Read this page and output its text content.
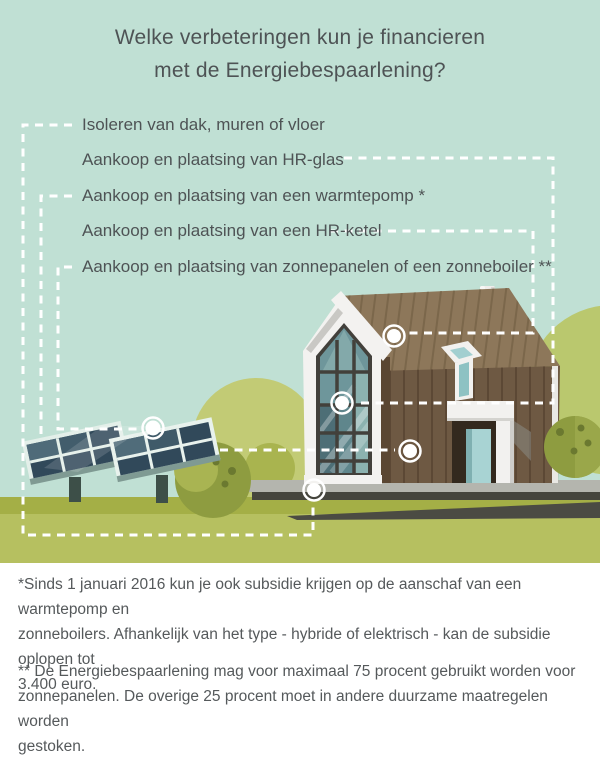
Welke verbeteringen kun je financieren
met de Energiebespaarlening?
Isoleren van dak, muren of vloer
Aankoop en plaatsing van HR-glas
Aankoop en plaatsing van een warmtepomp *
Aankoop en plaatsing van een HR-ketel
Aankoop en plaatsing van zonnepanelen of een zonneboiler **
*Sinds 1 januari 2016 kun je ook subsidie krijgen op de aanschaf van een warmtepomp en
zonneboilers. Afhankelijk van het type - hybride of elektrisch - kan de subsidie oplopen tot
3.400 euro.
** De Energiebespaarlening mag voor maximaal 75 procent gebruikt worden voor
zonnepanelen. De overige 25 procent moet in andere duurzame maatregelen worden
gestoken.
